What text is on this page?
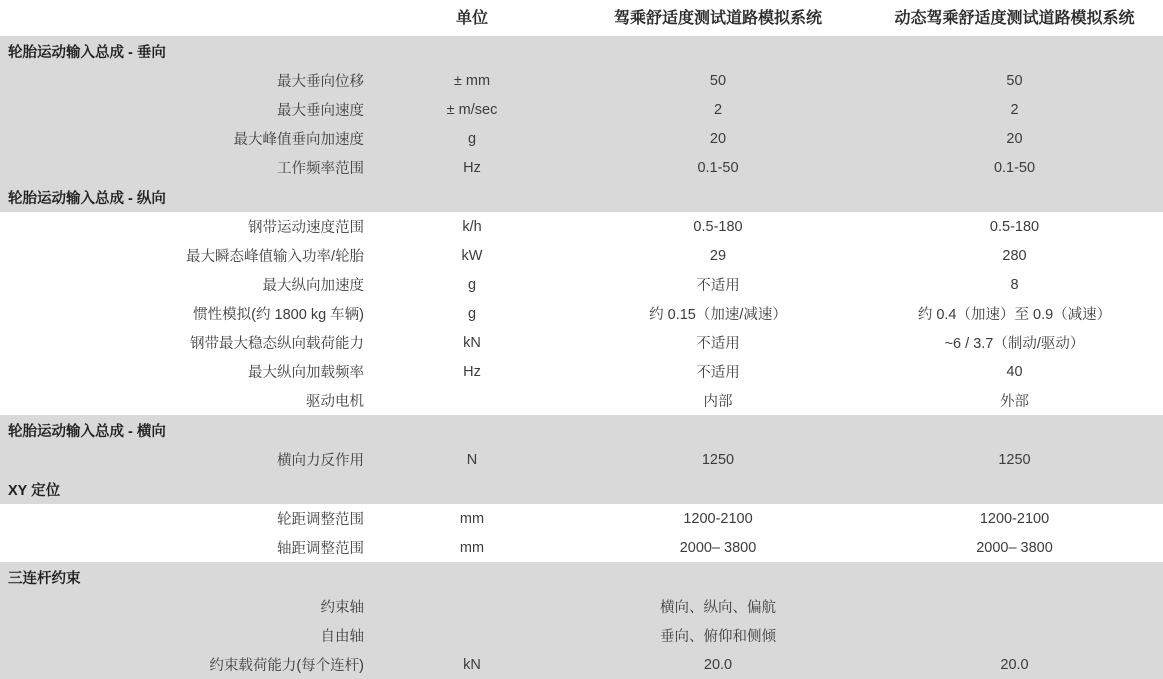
	单位	驾乘舒适度测试道路模拟系统	动态驾乘舒适度测试道路模拟系统
轮胎运动输入总成 - 垂向			
最大垂向位移	± mm	50	50
最大垂向速度	± m/sec	2	2
最大峰值垂向加速度	g	20	20
工作频率范围	Hz	0.1-50	0.1-50
轮胎运动输入总成 - 纵向			
钢带运动速度范围	k/h	0.5-180	0.5-180
最大瞬态峰值输入功率/轮胎	kW	29	280
最大纵向加速度	g	不适用	8
惯性模拟(约 1800 kg 车辆)	g	约 0.15（加速/减速）	约 0.4（加速）至 0.9（减速）
钢带最大稳态纵向载荷能力	kN	不适用	~6 / 3.7（制动/驱动）
最大纵向加载频率	Hz	不适用	40
驱动电机		内部	外部
轮胎运动输入总成 - 横向			
横向力反作用	N	1250	1250
XY 定位			
轮距调整范围	mm	1200-2100	1200-2100
轴距调整范围	mm	2000– 3800	2000– 3800
三连杆约束			
约束轴		横向、纵向、偏航	
自由轴		垂向、俯仰和侧倾	
约束载荷能力(每个连杆)	kN	20.0	20.0
